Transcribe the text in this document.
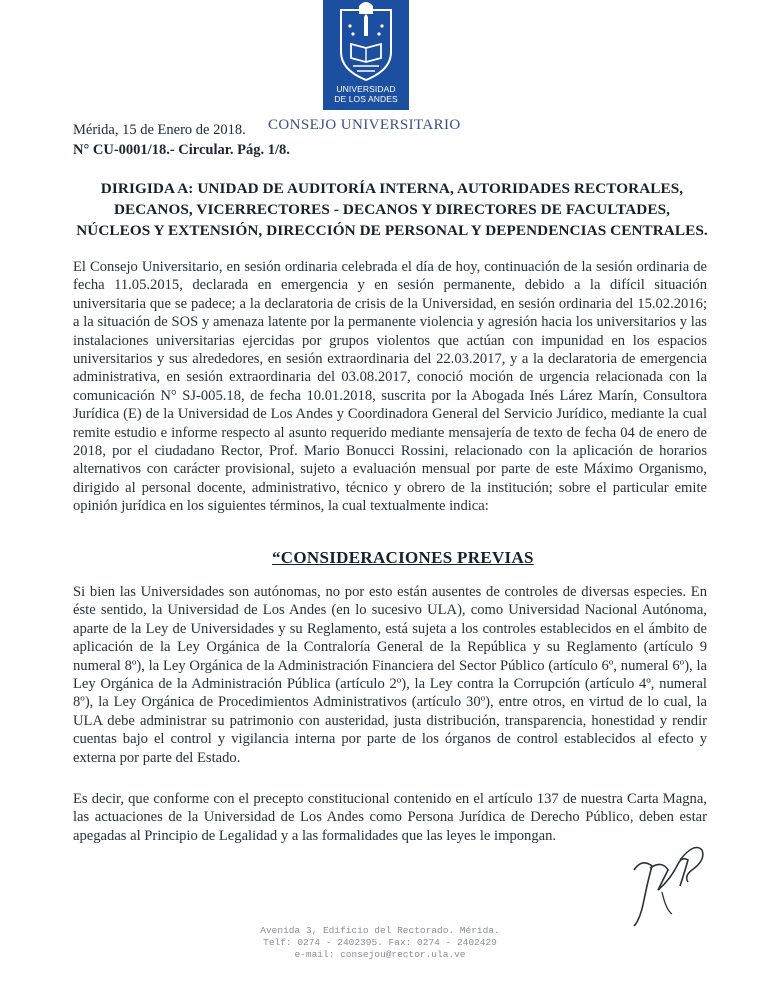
UNIVERSIDAD
DE LOS ANDES
Mérida, 15 de Enero de 2018. CONSEJO UNIVERSITARIO
N° CU-0001/18.- Circular. Pág. 1/8.
DIRIGIDA A: UNIDAD DE AUDITORÍA INTERNA, AUTORIDADES RECTORALES,
DECANOS, VICERRECTORES - DECANOS Y DIRECTORES DE FACULTADES,
NÚCLEOS Y EXTENSIÓN, DIRECCIÓN DE PERSONAL Y DEPENDENCIAS CENTRALES.
El Consejo Universitario, en sesión ordinaria celebrada el día de hoy, continuación de la sesión ordinaria de fecha 11.05.2015, declarada en emergencia y en sesión permanente, debido a la difícil situación universitaria que se padece; a la declaratoria de crisis de la Universidad, en sesión ordinaria del 15.02.2016; a la situación de SOS y amenaza latente por la permanente violencia y agresión hacia los universitarios y las instalaciones universitarias ejercidas por grupos violentos que actúan con impunidad en los espacios universitarios y sus alrededores, en sesión extraordinaria del 22.03.2017, y a la declaratoria de emergencia administrativa, en sesión extraordinaria del 03.08.2017, conoció moción de urgencia relacionada con la comunicación N° SJ-005.18, de fecha 10.01.2018, suscrita por la Abogada Inés Lárez Marín, Consultora Jurídica (E) de la Universidad de Los Andes y Coordinadora General del Servicio Jurídico, mediante la cual remite estudio e informe respecto al asunto requerido mediante mensajería de texto de fecha 04 de enero de 2018, por el ciudadano Rector, Prof. Mario Bonucci Rossini, relacionado con la aplicación de horarios alternativos con carácter provisional, sujeto a evaluación mensual por parte de este Máximo Organismo, dirigido al personal docente, administrativo, técnico y obrero de la institución; sobre el particular emite opinión jurídica en los siguientes términos, la cual textualmente indica:
“CONSIDERACIONES PREVIAS
Si bien las Universidades son autónomas, no por esto están ausentes de controles de diversas especies. En éste sentido, la Universidad de Los Andes (en lo sucesivo ULA), como Universidad Nacional Autónoma, aparte de la Ley de Universidades y su Reglamento, está sujeta a los controles establecidos en el ámbito de aplicación de la Ley Orgánica de la Contraloría General de la República y su Reglamento (artículo 9 numeral 8º), la Ley Orgánica de la Administración Financiera del Sector Público (artículo 6º, numeral 6º), la Ley Orgánica de la Administración Pública (artículo 2º), la Ley contra la Corrupción (artículo 4º, numeral 8º), la Ley Orgánica de Procedimientos Administrativos (artículo 30º), entre otros, en virtud de lo cual, la ULA debe administrar su patrimonio con austeridad, justa distribución, transparencia, honestidad y rendir cuentas bajo el control y vigilancia interna por parte de los órganos de control establecidos al efecto y externa por parte del Estado.
Es decir, que conforme con el precepto constitucional contenido en el artículo 137 de nuestra Carta Magna, las actuaciones de la Universidad de Los Andes como Persona Jurídica de Derecho Público, deben estar apegadas al Principio de Legalidad y a las formalidades que las leyes le impongan.
Avenida 3, Edificio del Rectorado. Mérida.
Telf: 0274 - 2402395. Fax: 0274 - 2402429
e-mail: consejou@rector.ula.ve
